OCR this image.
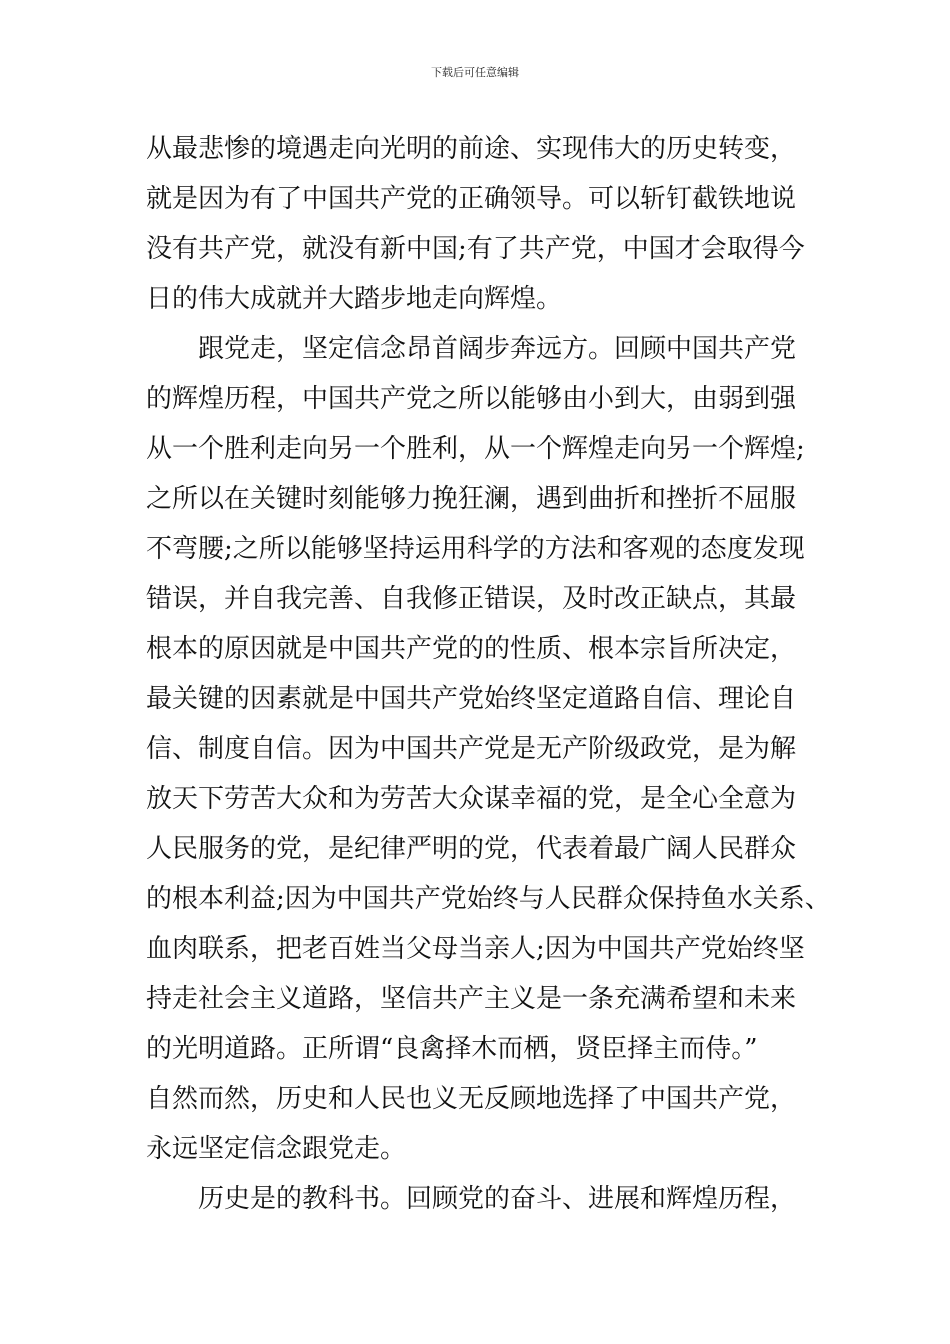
下载后可任意编辑
从最悲惨的境遇走向光明的前途、实现伟大的历史转变，
就是因为有了中国共产党的正确领导。可以斩钉截铁地说
没有共产党，就没有新中国;有了共产党，中国才会取得今
日的伟大成就并大踏步地走向辉煌。
跟党走，坚定信念昂首阔步奔远方。回顾中国共产党
的辉煌历程，中国共产党之所以能够由小到大，由弱到强
从一个胜利走向另一个胜利，从一个辉煌走向另一个辉煌;
之所以在关键时刻能够力挽狂澜，遇到曲折和挫折不屈服
不弯腰;之所以能够坚持运用科学的方法和客观的态度发现
错误，并自我完善、自我修正错误，及时改正缺点，其最
根本的原因就是中国共产党的的性质、根本宗旨所决定，
最关键的因素就是中国共产党始终坚定道路自信、理论自
信、制度自信。因为中国共产党是无产阶级政党，是为解
放天下劳苦大众和为劳苦大众谋幸福的党，是全心全意为
人民服务的党，是纪律严明的党，代表着最广阔人民群众
的根本利益;因为中国共产党始终与人民群众保持鱼水关系、
血肉联系，把老百姓当父母当亲人;因为中国共产党始终坚
持走社会主义道路，坚信共产主义是一条充满希望和未来
的光明道路。正所谓“良禽择木而栖，贤臣择主而侍。”
自然而然，历史和人民也义无反顾地选择了中国共产党，
永远坚定信念跟党走。
历史是的教科书。回顾党的奋斗、进展和辉煌历程，
